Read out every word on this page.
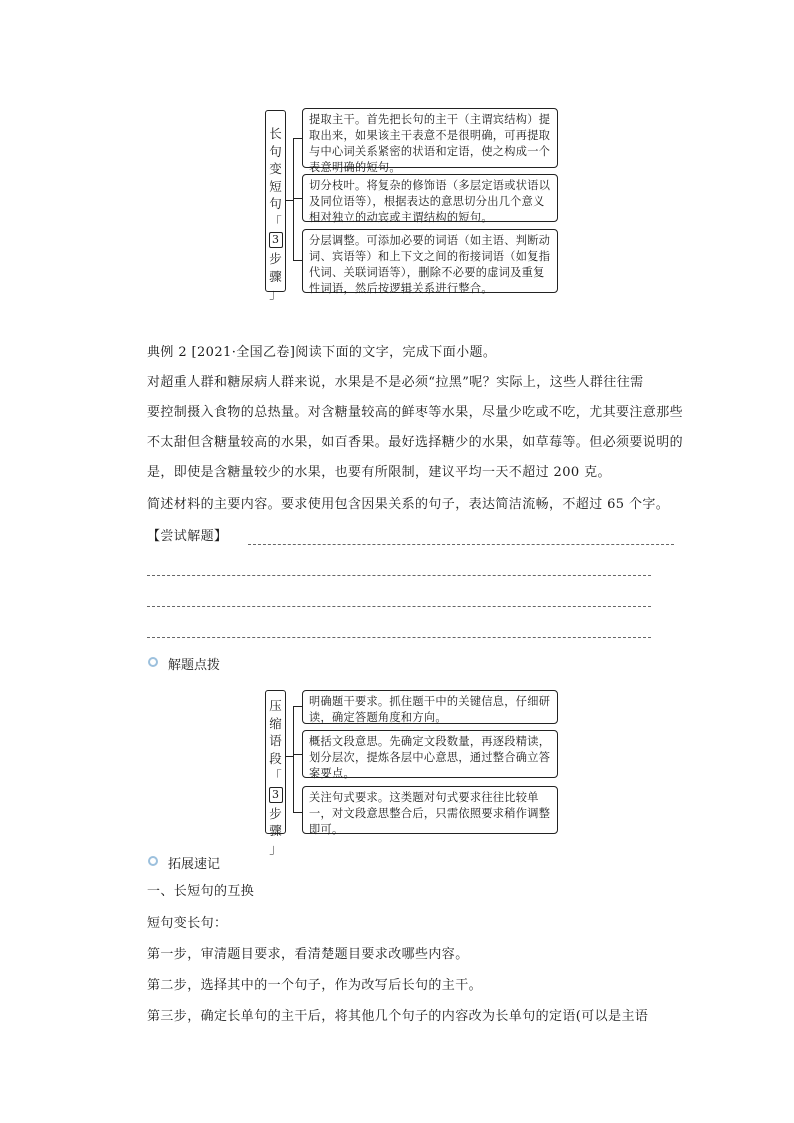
长
句
变
短
句
「
3
步
骤
」
提取主干。首先把长句的主干（主谓宾结构）提取出来，如果该主干表意不是很明确，可再提取与中心词关系紧密的状语和定语，使之构成一个表意明确的短句。
切分枝叶。将复杂的修饰语（多层定语或状语以及同位语等），根据表达的意思切分出几个意义相对独立的动宾或主谓结构的短句。
分层调整。可添加必要的词语（如主语、判断动词、宾语等）和上下文之间的衔接词语（如复指代词、关联词语等），删除不必要的虚词及重复性词语，然后按逻辑关系进行整合。
典例 2 [2021·全国乙卷]阅读下面的文字，完成下面小题。
对超重人群和糖尿病人群来说，水果是不是必须“拉黑”呢？实际上，这些人群往往需
要控制摄入食物的总热量。对含糖量较高的鲜枣等水果，尽量少吃或不吃，尤其要注意那些
不太甜但含糖量较高的水果，如百香果。最好选择糖少的水果，如草莓等。但必须要说明的
是，即使是含糖量较少的水果，也要有所限制，建议平均一天不超过 200 克。
简述材料的主要内容。要求使用包含因果关系的句子，表达简洁流畅，不超过 65 个字。
【尝试解题】
解题点拨
压
缩
语
段
「
3
步
骤
」
明确题干要求。抓住题干中的关键信息，仔细研读，确定答题角度和方向。
概括文段意思。先确定文段数量，再逐段精读，划分层次，提炼各层中心意思，通过整合确立答案要点。
关注句式要求。这类题对句式要求往往比较单一，对文段意思整合后，只需依照要求稍作调整即可。
拓展速记
一、长短句的互换
短句变长句：
第一步，审清题目要求，看清楚题目要求改哪些内容。
第二步，选择其中的一个句子，作为改写后长句的主干。
第三步，确定长单句的主干后，将其他几个句子的内容改为长单句的定语(可以是主语
